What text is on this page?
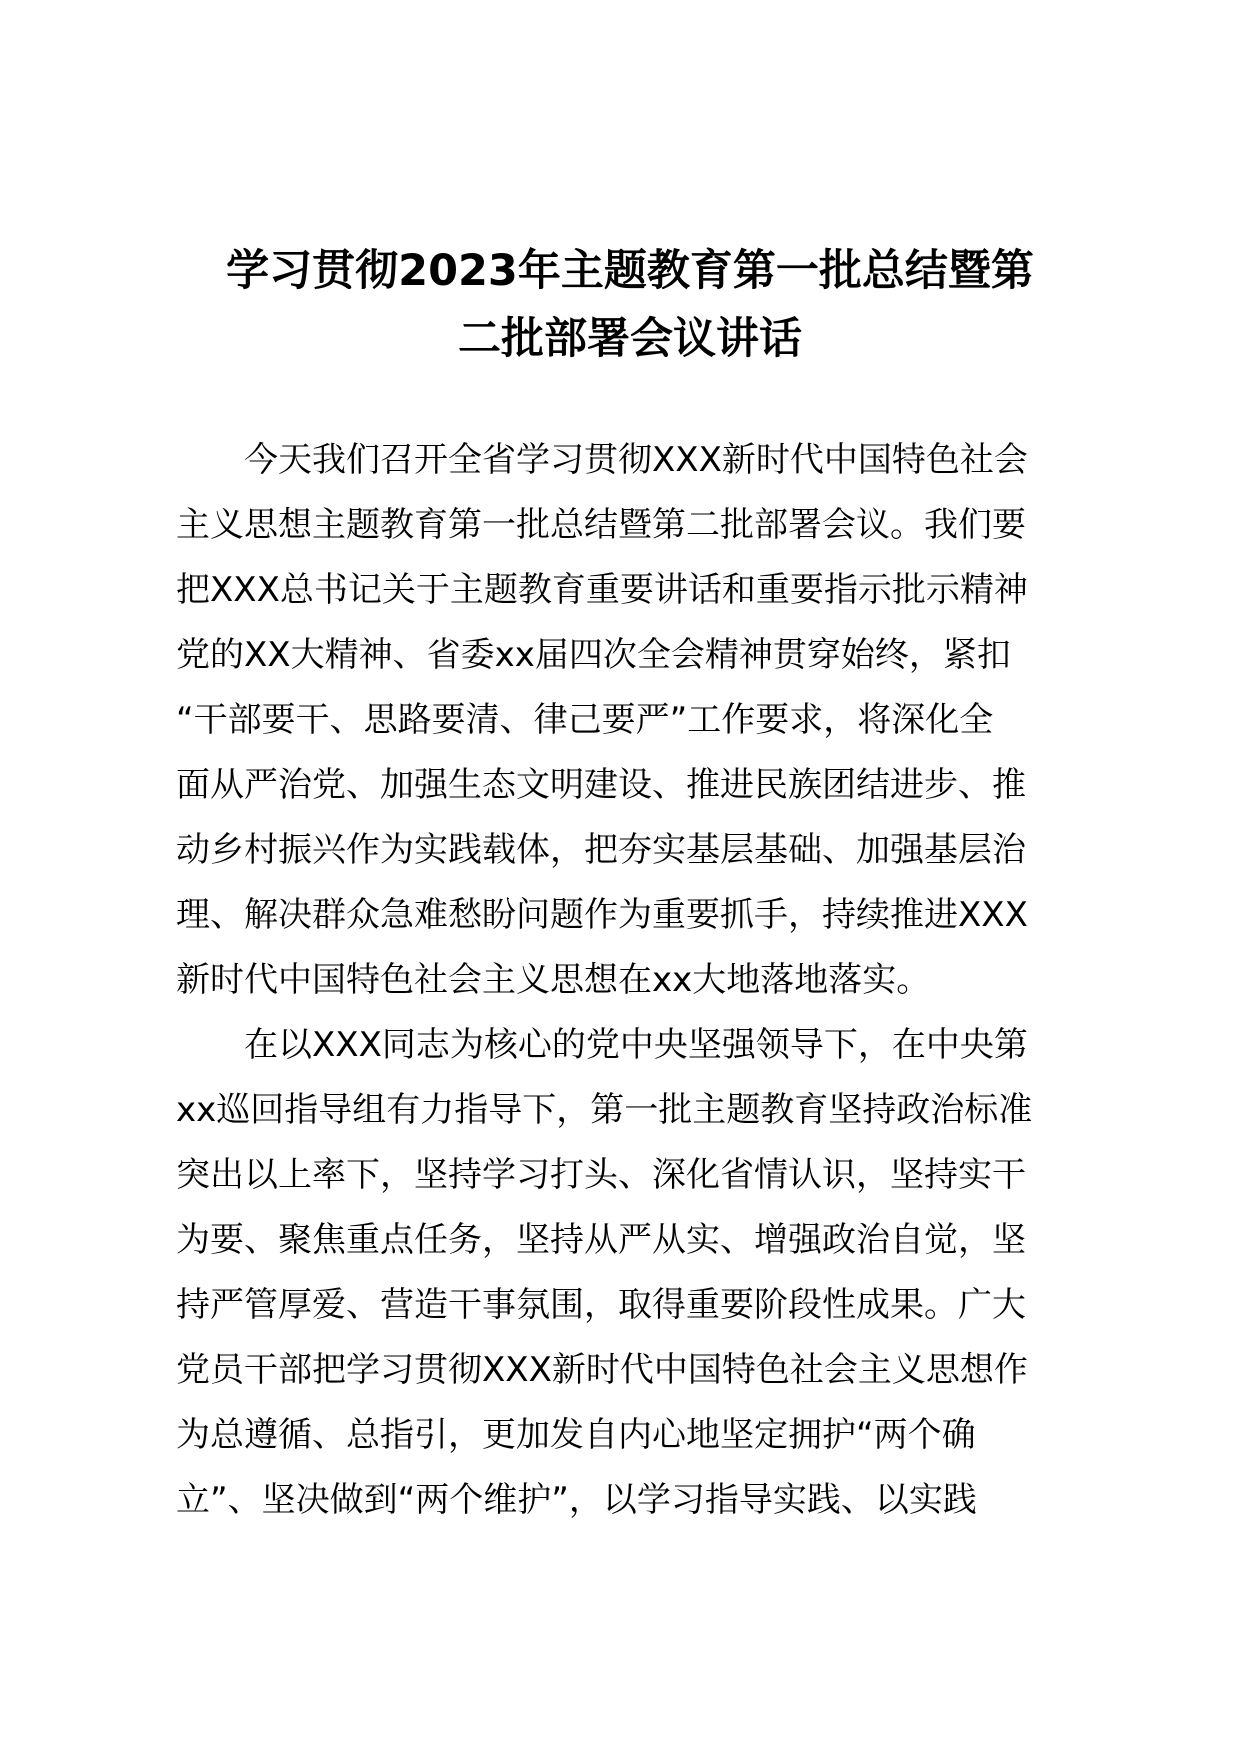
学习贯彻2023年主题教育第一批总结暨第
二批部署会议讲话
今天我们召开全省学习贯彻XXX新时代中国特色社会
主义思想主题教育第一批总结暨第二批部署会议。我们要
把XXX总书记关于主题教育重要讲话和重要指示批示精神
党的XX大精神、省委xx届四次全会精神贯穿始终，紧扣
“干部要干、思路要清、律己要严”工作要求，将深化全
面从严治党、加强生态文明建设、推进民族团结进步、推
动乡村振兴作为实践载体，把夯实基层基础、加强基层治
理、解决群众急难愁盼问题作为重要抓手，持续推进XXX
新时代中国特色社会主义思想在xx大地落地落实。
在以XXX同志为核心的党中央坚强领导下，在中央第
xx巡回指导组有力指导下，第一批主题教育坚持政治标准
突出以上率下，坚持学习打头、深化省情认识，坚持实干
为要、聚焦重点任务，坚持从严从实、增强政治自觉，坚
持严管厚爱、营造干事氛围，取得重要阶段性成果。广大
党员干部把学习贯彻XXX新时代中国特色社会主义思想作
为总遵循、总指引，更加发自内心地坚定拥护“两个确
立”、坚决做到“两个维护”，以学习指导实践、以实践
